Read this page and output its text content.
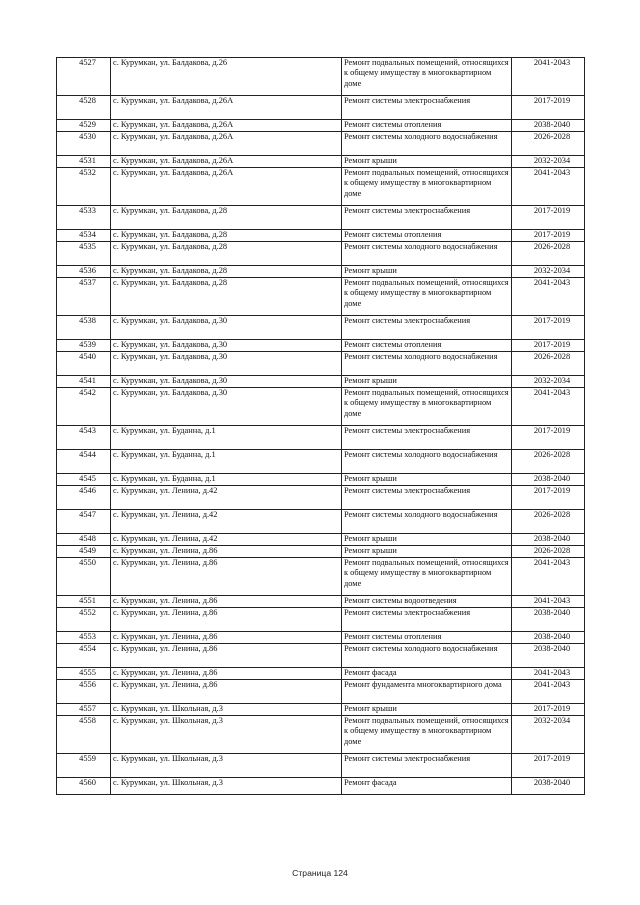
4527	с. Курумкан, ул. Балдакова, д.26	Ремонт подвальных помещений, относящихся к общему имуществу в многоквартирном доме	2041-2043

4528	с. Курумкан, ул. Балдакова, д.26А	Ремонт системы электроснабжения	2017-2019

4529	с. Курумкан, ул. Балдакова, д.26А	Ремонт системы отопления	2038-2040

4530	с. Курумкан, ул. Балдакова, д.26А	Ремонт системы холодного водоснабжения	2026-2028

4531	с. Курумкан, ул. Балдакова, д.26А	Ремонт крыши	2032-2034

4532	с. Курумкан, ул. Балдакова, д.26А	Ремонт подвальных помещений, относящихся к общему имуществу в многоквартирном доме	2041-2043

4533	с. Курумкан, ул. Балдакова, д.28	Ремонт системы электроснабжения	2017-2019

4534	с. Курумкан, ул. Балдакова, д.28	Ремонт системы отопления	2017-2019

4535	с. Курумкан, ул. Балдакова, д.28	Ремонт системы холодного водоснабжения	2026-2028

4536	с. Курумкан, ул. Балдакова, д.28	Ремонт крыши	2032-2034

4537	с. Курумкан, ул. Балдакова, д.28	Ремонт подвальных помещений, относящихся к общему имуществу в многоквартирном доме	2041-2043

4538	с. Курумкан, ул. Балдакова, д.30	Ремонт системы электроснабжения	2017-2019

4539	с. Курумкан, ул. Балдакова, д.30	Ремонт системы отопления	2017-2019

4540	с. Курумкан, ул. Балдакова, д.30	Ремонт системы холодного водоснабжения	2026-2028

4541	с. Курумкан, ул. Балдакова, д.30	Ремонт крыши	2032-2034

4542	с. Курумкан, ул. Балдакова, д.30	Ремонт подвальных помещений, относящихся к общему имуществу в многоквартирном доме	2041-2043

4543	с. Курумкан, ул. Буданна, д.1	Ремонт системы электроснабжения	2017-2019

4544	с. Курумкан, ул. Буданна, д.1	Ремонт системы холодного водоснабжения	2026-2028

4545	с. Курумкан, ул. Буданна, д.1	Ремонт крыши	2038-2040

4546	с. Курумкан, ул. Ленина, д.42	Ремонт системы электроснабжения	2017-2019

4547	с. Курумкан, ул. Ленина, д.42	Ремонт системы холодного водоснабжения	2026-2028

4548	с. Курумкан, ул. Ленина, д.42	Ремонт крыши	2038-2040

4549	с. Курумкан, ул. Ленина, д.86	Ремонт крыши	2026-2028

4550	с. Курумкан, ул. Ленина, д.86	Ремонт подвальных помещений, относящихся к общему имуществу в многоквартирном доме	2041-2043

4551	с. Курумкан, ул. Ленина, д.86	Ремонт системы водоотведения	2041-2043

4552	с. Курумкан, ул. Ленина, д.86	Ремонт системы электроснабжения	2038-2040

4553	с. Курумкан, ул. Ленина, д.86	Ремонт системы отопления	2038-2040

4554	с. Курумкан, ул. Ленина, д.86	Ремонт системы холодного водоснабжения	2038-2040

4555	с. Курумкан, ул. Ленина, д.86	Ремонт фасада	2041-2043

4556	с. Курумкан, ул. Ленина, д.86	Ремонт фундамента многоквартирного дома	2041-2043

4557	с. Курумкан, ул. Школьная, д.3	Ремонт крыши	2017-2019

4558	с. Курумкан, ул. Школьная, д.3	Ремонт подвальных помещений, относящихся к общему имуществу в многоквартирном доме	2032-2034

4559	с. Курумкан, ул. Школьная, д.3	Ремонт системы электроснабжения	2017-2019

4560	с. Курумкан, ул. Школьная, д.3	Ремонт фасада	2038-2040
Страница 124
